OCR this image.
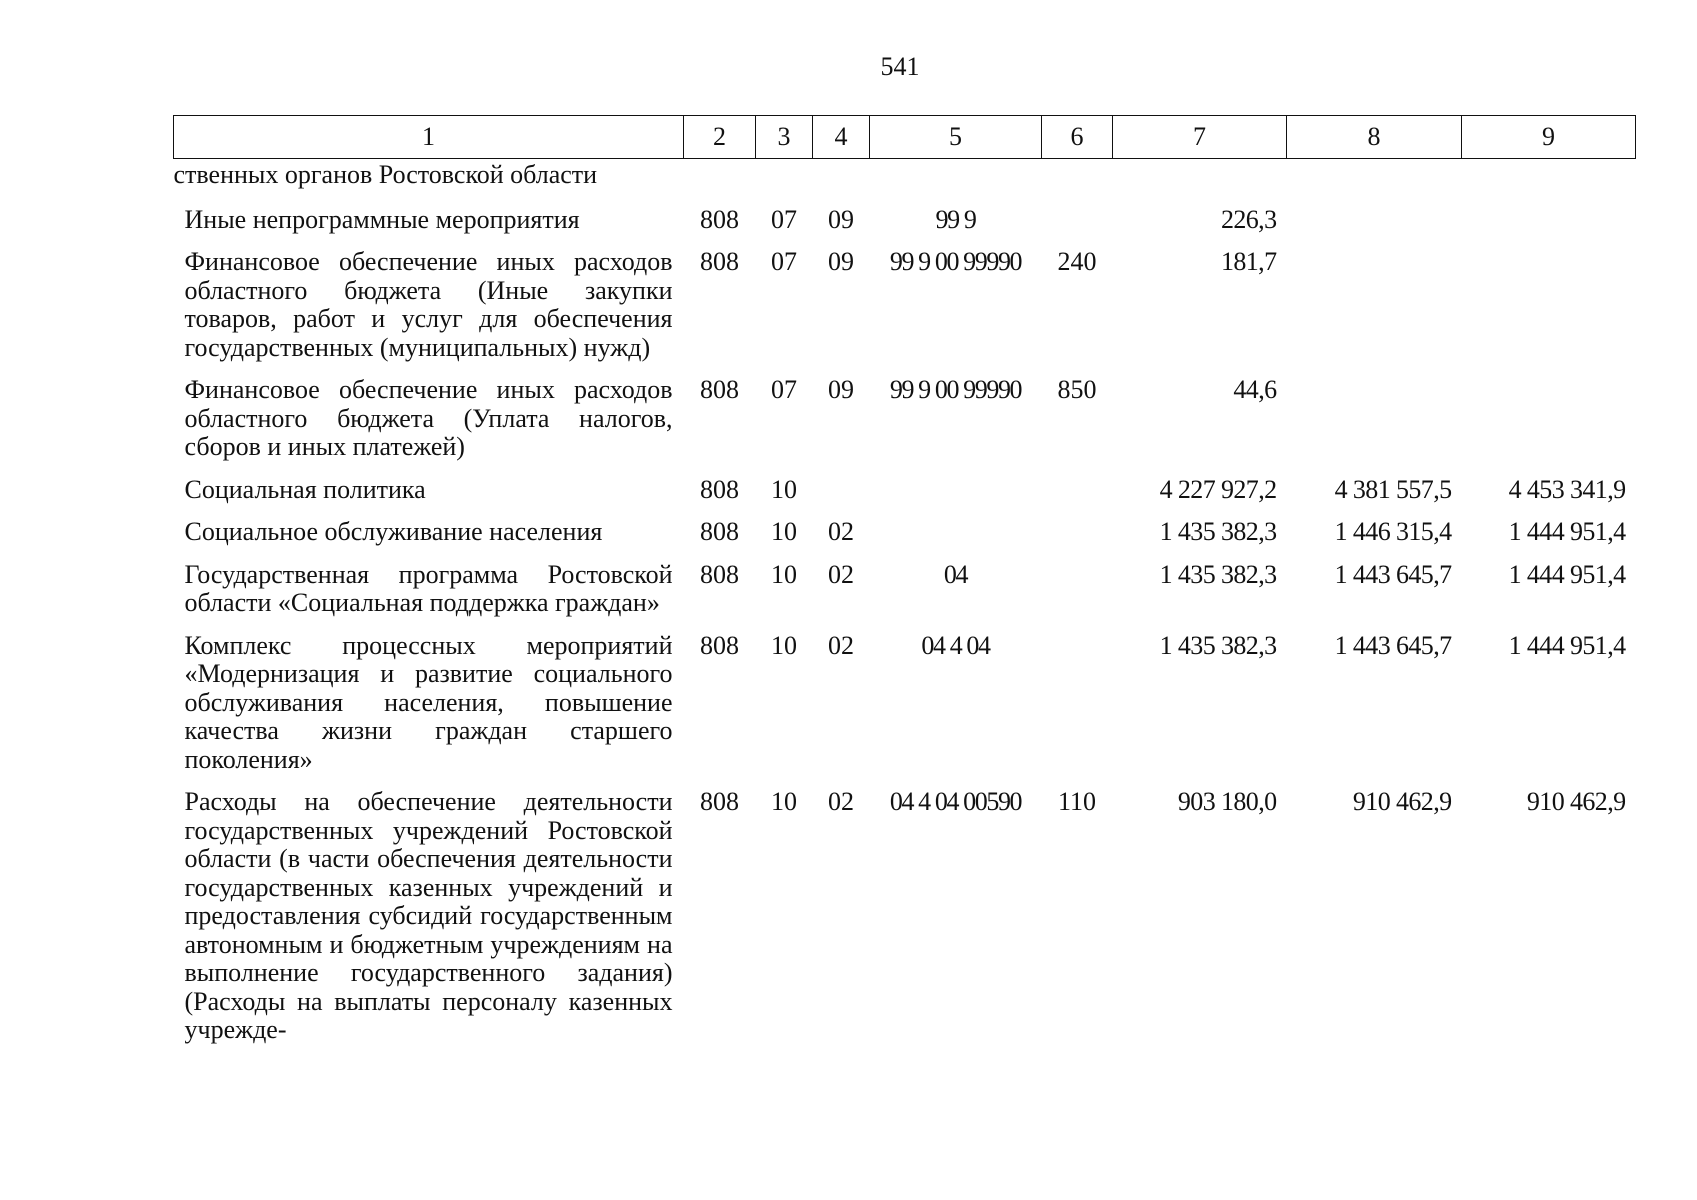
541
1	2	3	4	5	6	7	8	9
ственных органов Ростовской области								
Иные непрограммные мероприятия	808	07	09	99 9		226,3		
Финансовое обеспечение иных расходов областного бюджета (Иные закупки товаров, работ и услуг для обеспечения государственных (муниципальных) нужд)	808	07	09	99 9 00 99990	240	181,7		
Финансовое обеспечение иных расходов областного бюджета (Уплата налогов, сборов и иных платежей)	808	07	09	99 9 00 99990	850	44,6		
Социальная политика	808	10				4 227 927,2	4 381 557,5	4 453 341,9
Социальное обслуживание населения	808	10	02			1 435 382,3	1 446 315,4	1 444 951,4
Государственная программа Ростовской области «Социальная поддержка граждан»	808	10	02	04		1 435 382,3	1 443 645,7	1 444 951,4
Комплекс процессных мероприятий «Модернизация и развитие социального обслуживания населения, повышение качества жизни граждан старшего поколения»	808	10	02	04 4 04		1 435 382,3	1 443 645,7	1 444 951,4
Расходы на обеспечение деятельности государственных учреждений Ростовской области (в части обеспечения деятельности государственных казенных учреждений и предоставления субсидий государственным автономным и бюджетным учреждениям на выполнение государственного задания) (Расходы на выплаты персоналу казенных учрежде-	808	10	02	04 4 04 00590	110	903 180,0	910 462,9	910 462,9
